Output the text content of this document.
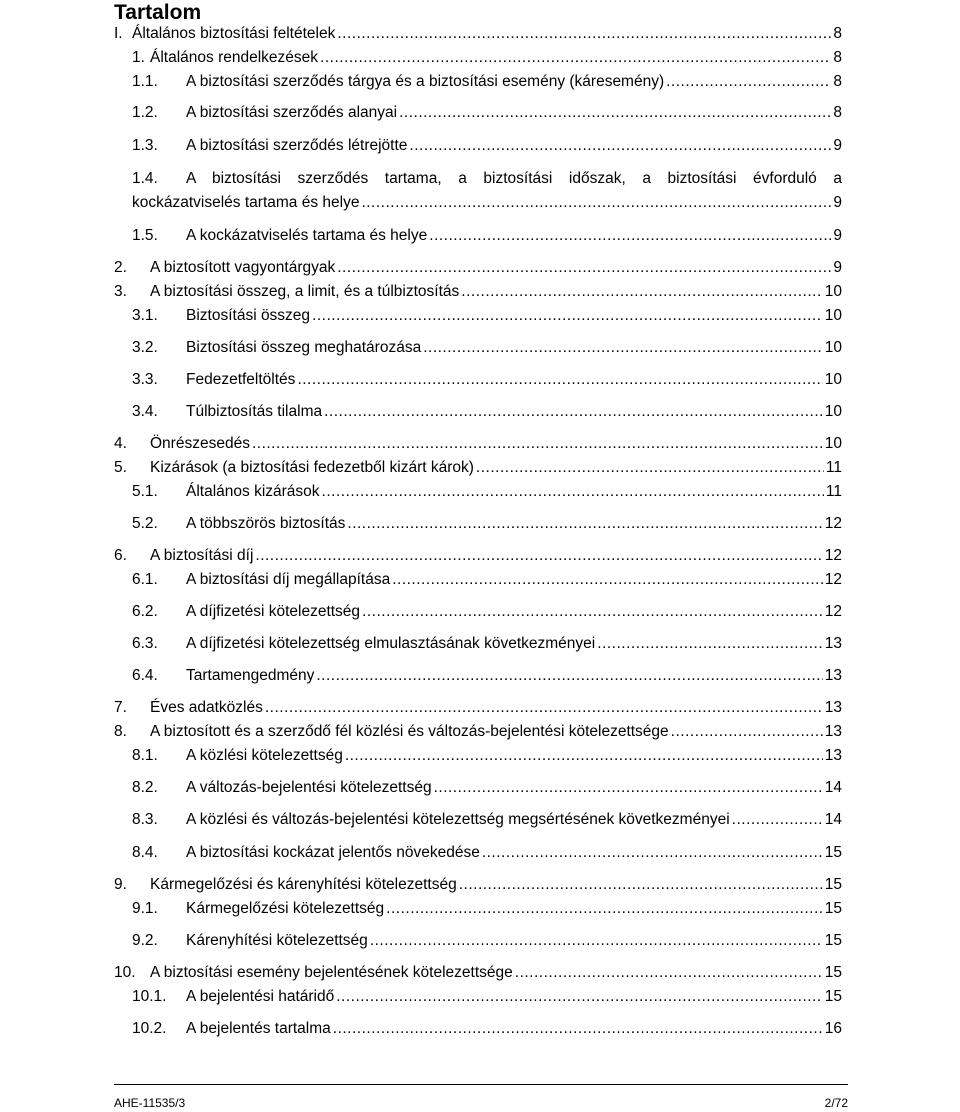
Tartalom
I. Általános biztosítási feltételek .....	8
1. Általános rendelkezések .....	8
1.1.	A biztosítási szerződés tárgya és a biztosítási esemény (káresemény) .....	8
1.2.	A biztosítási szerződés alanyai .....	8
1.3.	A biztosítási szerződés létrejötte .....	9
1.4.	A biztosítási szerződés tartama, a biztosítási időszak, a biztosítási évforduló a
kockázatviselés tartama és helye .....	9
1.5.	A kockázatviselés tartama és helye .....	9
2.	A biztosított vagyontárgyak .....	9
3.	A biztosítási összeg, a limit, és a túlbiztosítás .....	10
3.1.	Biztosítási összeg .....	10
3.2.	Biztosítási összeg meghatározása .....	10
3.3.	Fedezetfeltöltés .....	10
3.4.	Túlbiztosítás tilalma .....	10
4.	Önrészesedés .....	10
5.	Kizárások (a biztosítási fedezetből kizárt károk) .....	11
5.1.	Általános kizárások .....	11
5.2.	A többszörös biztosítás .....	12
6.	A biztosítási díj .....	12
6.1.	A biztosítási díj megállapítása .....	12
6.2.	A díjfizetési kötelezettség .....	12
6.3.	A díjfizetési kötelezettség elmulasztásának következményei .....	13
6.4.	Tartamengedmény .....	13
7.	Éves adatközlés .....	13
8.	A biztosított és a szerződő fél közlési és változás-bejelentési kötelezettsége .....	13
8.1.	A közlési kötelezettség .....	13
8.2.	A változás-bejelentési kötelezettség .....	14
8.3.	A közlési és változás-bejelentési kötelezettség megsértésének következményei .....	14
8.4.	A biztosítási kockázat jelentős növekedése .....	15
9.	Kármegelőzési és kárenyhítési kötelezettség .....	15
9.1.	Kármegelőzési kötelezettség .....	15
9.2.	Kárenyhítési kötelezettség .....	15
10. A biztosítási esemény bejelentésének kötelezettsége .....	15
10.1.	A bejelentési határidő .....	15
10.2.	A bejelentés tartalma .....	16
AHE-11535/3	2/72
